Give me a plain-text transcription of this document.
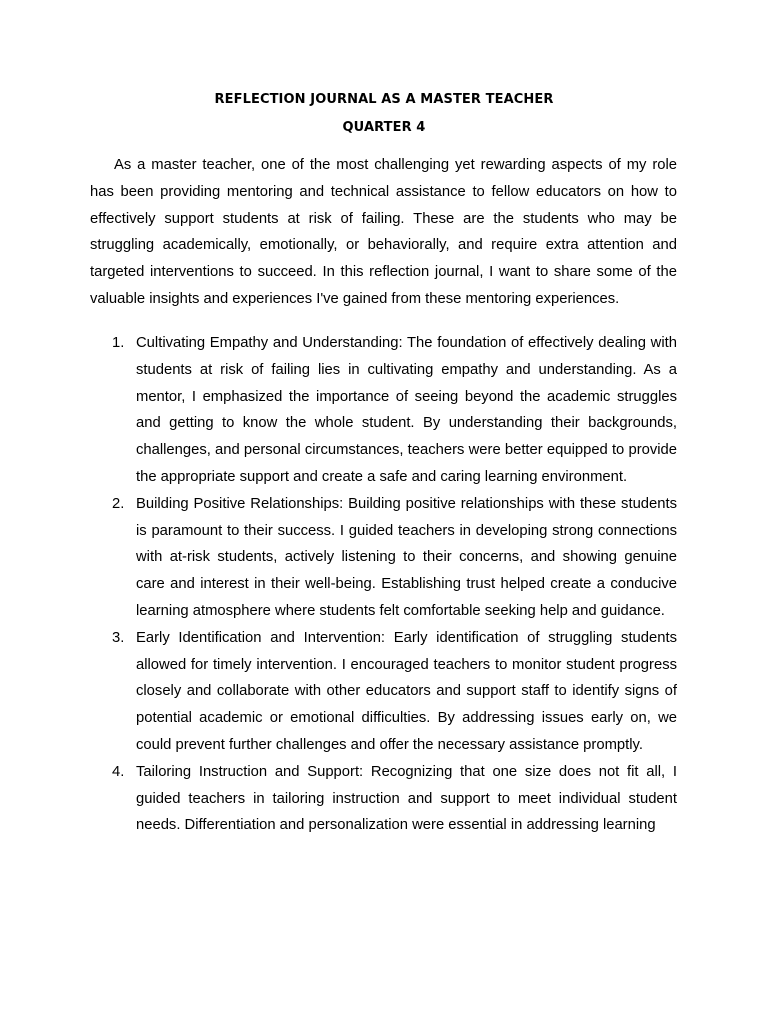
REFLECTION JOURNAL AS A MASTER TEACHER
QUARTER 4
As a master teacher, one of the most challenging yet rewarding aspects of my role has been providing mentoring and technical assistance to fellow educators on how to effectively support students at risk of failing. These are the students who may be struggling academically, emotionally, or behaviorally, and require extra attention and targeted interventions to succeed. In this reflection journal, I want to share some of the valuable insights and experiences I've gained from these mentoring experiences.
1. Cultivating Empathy and Understanding: The foundation of effectively dealing with students at risk of failing lies in cultivating empathy and understanding. As a mentor, I emphasized the importance of seeing beyond the academic struggles and getting to know the whole student. By understanding their backgrounds, challenges, and personal circumstances, teachers were better equipped to provide the appropriate support and create a safe and caring learning environment.
2. Building Positive Relationships: Building positive relationships with these students is paramount to their success. I guided teachers in developing strong connections with at-risk students, actively listening to their concerns, and showing genuine care and interest in their well-being. Establishing trust helped create a conducive learning atmosphere where students felt comfortable seeking help and guidance.
3. Early Identification and Intervention: Early identification of struggling students allowed for timely intervention. I encouraged teachers to monitor student progress closely and collaborate with other educators and support staff to identify signs of potential academic or emotional difficulties. By addressing issues early on, we could prevent further challenges and offer the necessary assistance promptly.
4. Tailoring Instruction and Support: Recognizing that one size does not fit all, I guided teachers in tailoring instruction and support to meet individual student needs. Differentiation and personalization were essential in addressing learning
